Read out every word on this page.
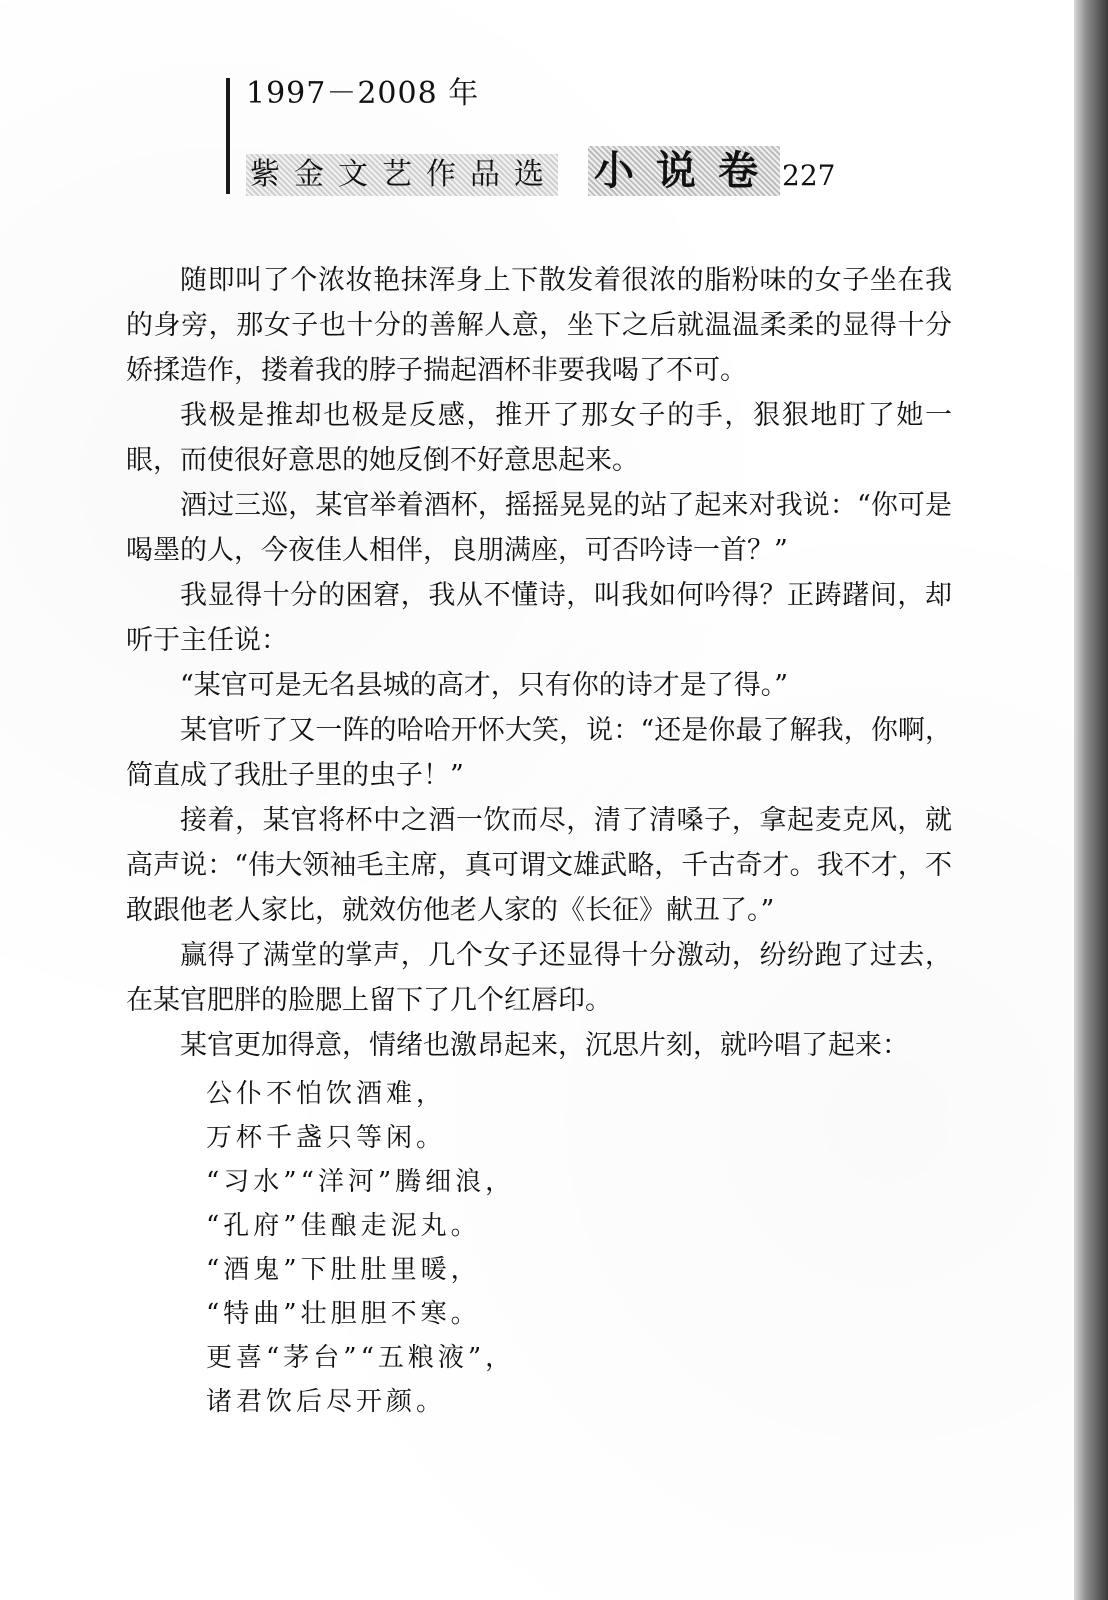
1997－2008 年
紫金文艺作品选 小说卷 227

随即叫了个浓妆艳抹浑身上下散发着很浓的脂粉味的女子坐在我的身旁，那女子也十分的善解人意，坐下之后就温温柔柔的显得十分娇揉造作，搂着我的脖子揣起酒杯非要我喝了不可。

我极是推却也极是反感，推开了那女子的手，狠狠地盯了她一眼，而使很好意思的她反倒不好意思起来。

酒过三巡，某官举着酒杯，摇摇晃晃的站了起来对我说：“你可是喝墨的人，今夜佳人相伴，良朋满座，可否吟诗一首？”

我显得十分的困窘，我从不懂诗，叫我如何吟得？正踌躇间，却听于主任说：

“某官可是无名县城的高才，只有你的诗才是了得。”

某官听了又一阵的哈哈开怀大笑，说：“还是你最了解我，你啊，简直成了我肚子里的虫子！”

接着，某官将杯中之酒一饮而尽，清了清嗓子，拿起麦克风，就高声说：“伟大领袖毛主席，真可谓文雄武略，千古奇才。我不才，不敢跟他老人家比，就效仿他老人家的《长征》献丑了。”

赢得了满堂的掌声，几个女子还显得十分激动，纷纷跑了过去，在某官肥胖的脸腮上留下了几个红唇印。

某官更加得意，情绪也激昂起来，沉思片刻，就吟唱了起来：

公仆不怕饮酒难，
万杯千盏只等闲。
“习水”“洋河”腾细浪，
“孔府”佳酿走泥丸。
“酒鬼”下肚肚里暖，
“特曲”壮胆胆不寒。
更喜“茅台”“五粮液”，
诸君饮后尽开颜。
